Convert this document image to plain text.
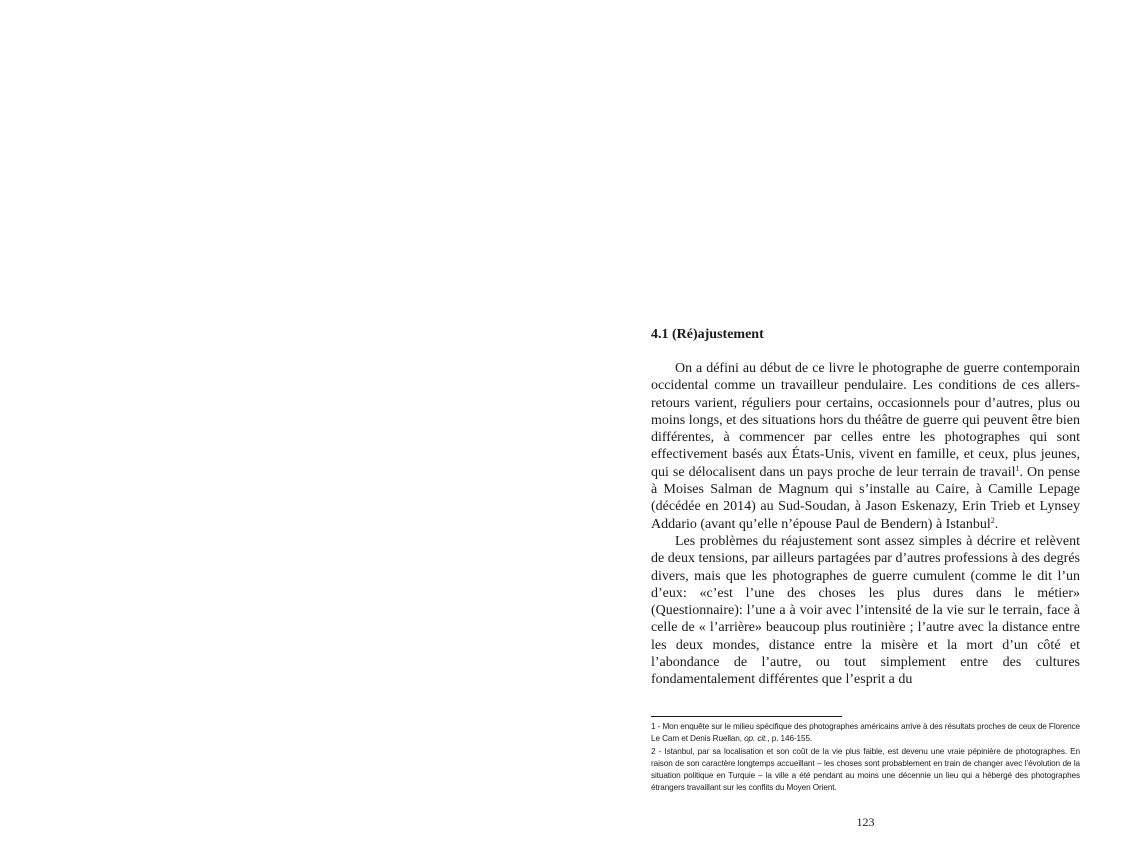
4.1 (Ré)ajustement

On a défini au début de ce livre le photographe de guerre contemporain occidental comme un travailleur pendulaire. Les conditions de ces allers-retours varient, réguliers pour certains, occasionnels pour d’autres, plus ou moins longs, et des situations hors du théâtre de guerre qui peuvent être bien différentes, à commencer par celles entre les photographes qui sont effectivement basés aux États-Unis, vivent en famille, et ceux, plus jeunes, qui se délocalisent dans un pays proche de leur terrain de travail$^1$. On pense à Moises Salman de Magnum qui s’installe au Caire, à Camille Lepage (décédée en 2014) au Sud-Soudan, à Jason Eskenazy, Erin Trieb et Lynsey Addario (avant qu’elle n’épouse Paul de Bendern) à Istanbul$^2$.

Les problèmes du réajustement sont assez simples à décrire et relèvent de deux tensions, par ailleurs partagées par d’autres professions à des degrés divers, mais que les photographes de guerre cumulent (comme le dit l’un d’eux: «c’est l’une des choses les plus dures dans le métier» (Questionnaire): l’une a à voir avec l’intensité de la vie sur le terrain, face à celle de « l’arrière» beaucoup plus routinière ; l’autre avec la distance entre les deux mondes, distance entre la misère et la mort d’un côté et l’abondance de l’autre, ou tout simplement entre des cultures fondamentalement différentes que l’esprit a du

1 - Mon enquête sur le milieu spécifique des photographes américains arrive à des résultats proches de ceux de Florence Le Cam et Denis Ruellan, op. cit., p. 146-155.

2 - Istanbul, par sa localisation et son coût de la vie plus faible, est devenu une vraie pépinière de photographes. En raison de son caractère longtemps accueillant – les choses sont probablement en train de changer avec l’évolution de la situation politique en Turquie – la ville a été pendant au moins une décennie un lieu qui a hébergé des photographes étrangers travaillant sur les conflits du Moyen Orient.

123
